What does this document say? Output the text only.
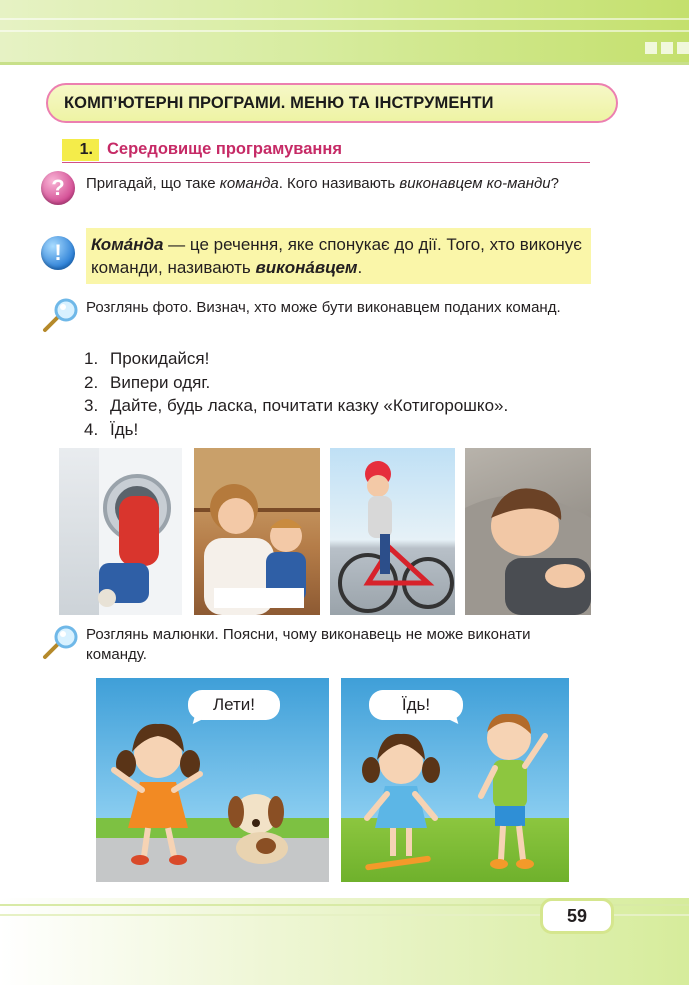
КОМП’ЮТЕРНІ ПРОГРАМИ. МЕНЮ ТА ІНСТРУМЕНТИ
1. Середовище програмування
?	Пригадай, що таке команда. Кого називають виконавцем ко-манди?
!	Кома́нда — це речення, яке спонукає до дії. Того, хто виконує команди, називають викона́вцем.
Розглянь фото. Визнач, хто може бути виконавцем поданих команд.
1. Прокидайся!
2. Випери одяг.
3. Дайте, будь ласка, почитати казку «Котигорошко».
4. Їдь!
Розглянь малюнки. Поясни, чому виконавець не може виконати команду.
Лети!	Їдь!
59
